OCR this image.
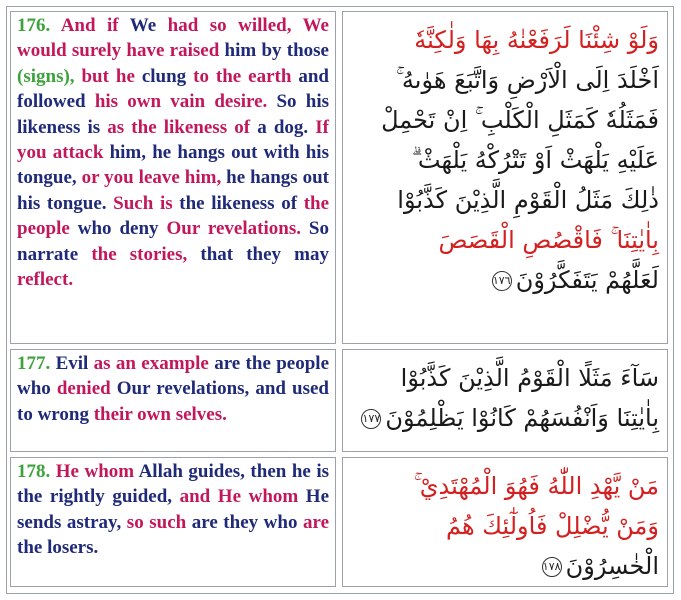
176. And if We had so willed, We would surely have raised him by those (signs), but he clung to the earth and followed his own vain desire. So his likeness is as the likeness of a dog. If you attack him, he hangs out with his tongue, or you leave him, he hangs out his tongue. Such is the likeness of the people who deny Our revelations. So narrate the stories, that they may reflect.

وَلَوْ شِئْنَا لَرَفَعْنٰهُ بِهَا وَلٰكِنَّهٗ
اَخْلَدَ اِلَى الْاَرْضِ وَاتَّبَعَ هَوٰىهُ ۚ
فَمَثَلُهٗ كَمَثَلِ الْكَلْبِ ۚ اِنْ تَحْمِلْ
عَلَيْهِ يَلْهَثْ اَوْ تَتْرُكْهُ يَلْهَثْ ۗ
ذٰلِكَ مَثَلُ الْقَوْمِ الَّذِيْنَ كَذَّبُوْا
بِاٰيٰتِنَا ۚ فَاقْصُصِ الْقَصَصَ
لَعَلَّهُمْ يَتَفَكَّرُوْنَ١٧٦

177. Evil as an example are the people who denied Our revelations, and used to wrong their own selves.

سَآءَ مَثَلًا الْقَوْمُ الَّذِيْنَ كَذَّبُوْا
بِاٰيٰتِنَا وَاَنْفُسَهُمْ كَانُوْا يَظْلِمُوْنَ١٧٧

178. He whom Allah guides, then he is the rightly guided, and He whom He sends astray, so such are they who are the losers.

مَنْ يَّهْدِ اللّٰهُ فَهُوَ الْمُهْتَدِيْ ۚ
وَمَنْ يُّضْلِلْ فَاُولٰٓئِكَ هُمُ
الْخٰسِرُوْنَ١٧٨
